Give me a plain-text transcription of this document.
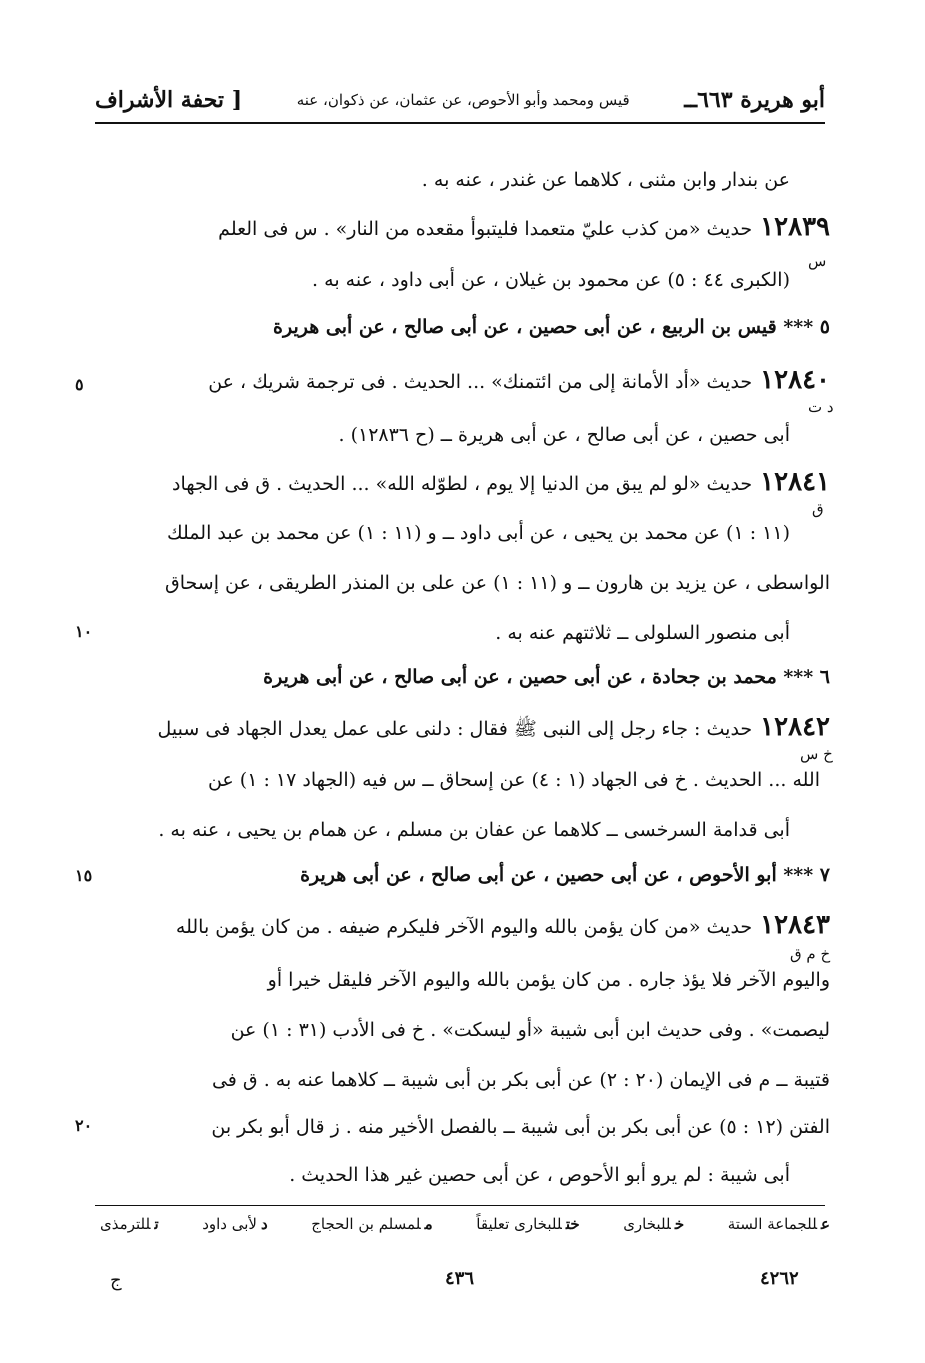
أبو هريرة ٦٦٣ــ
قيس ومحمد وأبو الأحوص، عن عثمان، عن ذكوان، عنه
[ تحفة الأشراف
عن بندار وابن مثنى ، كلاهما عن غندر ، عنه به .
١٢٨٣٩حديث «من كذب عليّ متعمدا فليتبوأ مقعده من النار» . س فى العلم
(الكبرى ٤٤ : ٥) عن محمود بن غيلان ، عن أبى داود ، عنه به .
٥ *** قيس بن الربيع ، عن أبى حصين ، عن أبى صالح ، عن أبى هريرة
١٢٨٤٠حديث «أد الأمانة إلى من ائتمنك» ... الحديث . فى ترجمة شريك ، عن
أبى حصين ، عن أبى صالح ، عن أبى هريرة ــ (ح ١٢٨٣٦) .
١٢٨٤١حديث «لو لم يبق من الدنيا إلا يوم ، لطوّله الله» ... الحديث . ق فى الجهاد
(١١ : ١) عن محمد بن يحيى ، عن أبى داود ــ و (١١ : ١) عن محمد بن عبد الملك
الواسطى ، عن يزيد بن هارون ــ و (١١ : ١) عن على بن المنذر الطريقى ، عن إسحاق
أبى منصور السلولى ــ ثلاثتهم عنه به .
٦ *** محمد بن جحادة ، عن أبى حصين ، عن أبى صالح ، عن أبى هريرة
١٢٨٤٢حديث : جاء رجل إلى النبى ﷺ فقال : دلنى على عمل يعدل الجهاد فى سبيل
الله ... الحديث . خ فى الجهاد (١ : ٤) عن إسحاق ــ س فيه (الجهاد ١٧ : ١) عن
أبى قدامة السرخسى ــ كلاهما عن عفان بن مسلم ، عن همام بن يحيى ، عنه به .
٧ *** أبو الأحوص ، عن أبى حصين ، عن أبى صالح ، عن أبى هريرة
١٢٨٤٣حديث «من كان يؤمن بالله واليوم الآخر فليكرم ضيفه . من كان يؤمن بالله
واليوم الآخر فلا يؤذ جاره . من كان يؤمن بالله واليوم الآخر فليقل خيرا أو
ليصمت» . وفى حديث ابن أبى شيبة «أو ليسكت» . خ فى الأدب (٣١ : ١) عن
قتيبة ــ م فى الإيمان (٢٠ : ٢) عن أبى بكر بن أبى شيبة ــ كلاهما عنه به . ق فى
الفتن (١٢ : ٥) عن أبى بكر بن أبى شيبة ــ بالفصل الأخير منه . ز قال أبو بكر بن
أبى شيبة : لم يرو أبو الأحوص ، عن أبى حصين غير هذا الحديث .
س
د ت
ق
خ س
خ م ق
٥
١٠
١٥
٢٠
عللجماعة الستة
خللبخارى
ختللبخارى تعليقاً
ملمسلم بن الحجاج
دلأبى داود
تللترمذى
٤٢٦٢
٤٣٦
ج
